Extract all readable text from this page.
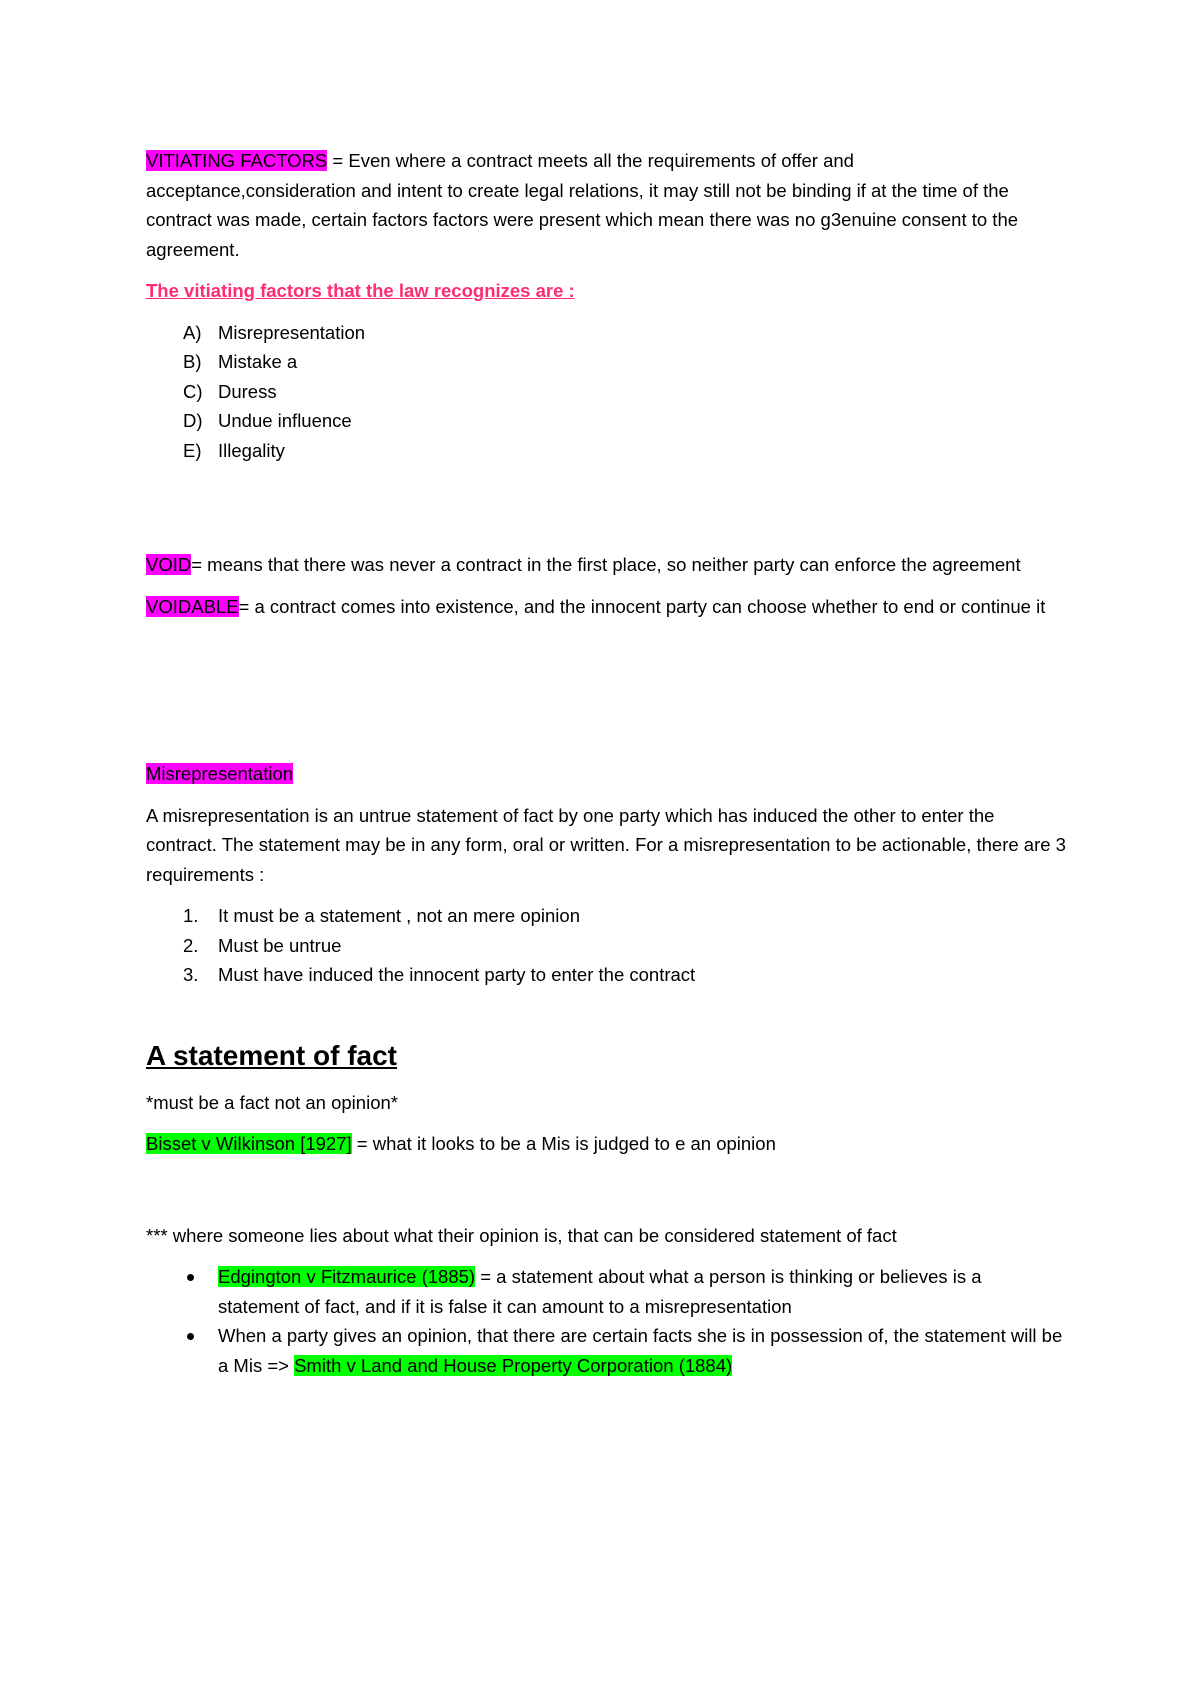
VITIATING FACTORS = Even where a contract meets all the requirements of offer and acceptance,consideration and intent to create legal relations, it may still not be binding if at the time of the contract was made, certain factors factors were present which mean there was no g3enuine consent to the agreement.

The vitiating factors that the law recognizes are :

A) Misrepresentation
B) Mistake a
C) Duress
D) Undue influence
E) Illegality

VOID= means that there was never a contract in the first place, so neither party can enforce the agreement

VOIDABLE= a contract comes into existence, and the innocent party can choose whether to end or continue it

Misrepresentation

A misrepresentation is an untrue statement of fact by one party which has induced the other to enter the contract. The statement may be in any form, oral or written. For a misrepresentation to be actionable, there are 3 requirements :

1. It must be a statement , not an mere opinion
2. Must be untrue
3. Must have induced the innocent party to enter the contract

A statement of fact

*must be a fact not an opinion*

Bisset v Wilkinson [1927] = what it looks to be a Mis is judged to e an opinion

*** where someone lies about what their opinion is, that can be considered statement of fact

Edgington v Fitzmaurice (1885) = a statement about what a person is thinking or believes is a statement of fact, and if it is false it can amount to a misrepresentation
When a party gives an opinion, that there are certain facts she is in possession of, the statement will be a Mis => Smith v Land and House Property Corporation (1884)
